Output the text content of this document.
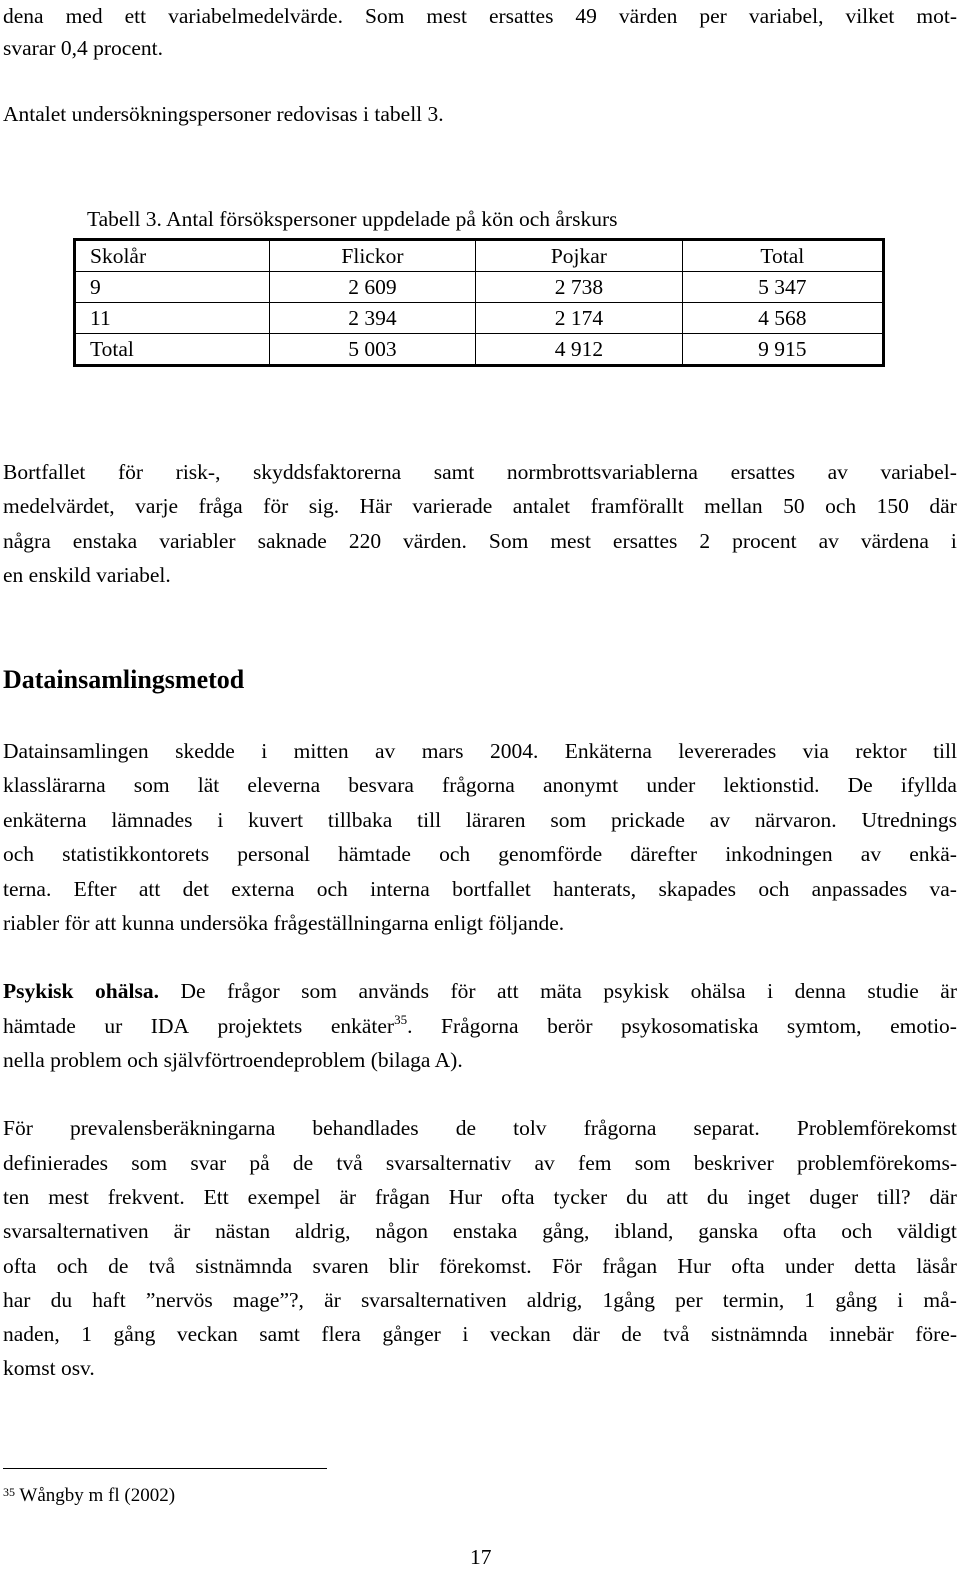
dena med ett variabelmedelvärde. Som mest ersattes 49 värden per variabel, vilket mot-
svarar 0,4 procent.
Antalet undersökningspersoner redovisas i tabell 3.
Tabell 3. Antal försökspersoner uppdelade på kön och årskurs
Skolår	Flickor	Pojkar	Total
9	2 609	2 738	5 347
11	2 394	2 174	4 568
Total	5 003	4 912	9 915
Bortfallet för risk-, skyddsfaktorerna samt normbrottsvariablerna ersattes av variabel-
medelvärdet, varje fråga för sig. Här varierade antalet framförallt mellan 50 och 150 där
några enstaka variabler saknade 220 värden. Som mest ersattes 2 procent av värdena i
en enskild variabel.
Datainsamlingsmetod
Datainsamlingen skedde i mitten av mars 2004. Enkäterna levererades via rektor till
klasslärarna som lät eleverna besvara frågorna anonymt under lektionstid. De ifyllda
enkäterna lämnades i kuvert tillbaka till läraren som prickade av närvaron. Utrednings
och statistikkontorets personal hämtade och genomförde därefter inkodningen av enkä-
terna. Efter att det externa och interna bortfallet hanterats, skapades och anpassades va-
riabler för att kunna undersöka frågeställningarna enligt följande.
Psykisk ohälsa. De frågor som används för att mäta psykisk ohälsa i denna studie är
hämtade ur IDA projektets enkäter$^{35}$. Frågorna berör psykosomatiska symtom, emotio-
nella problem och självförtroendeproblem (bilaga A).
För prevalensberäkningarna behandlades de tolv frågorna separat. Problemförekomst
definierades som svar på de två svarsalternativ av fem som beskriver problemförekoms-
ten mest frekvent. Ett exempel är frågan Hur ofta tycker du att du inget duger till? där
svarsalternativen är nästan aldrig, någon enstaka gång, ibland, ganska ofta och väldigt
ofta och de två sistnämnda svaren blir förekomst. För frågan Hur ofta under detta läsår
har du haft ”nervös mage”?, är svarsalternativen aldrig, 1gång per termin, 1 gång i må-
naden, 1 gång veckan samt flera gånger i veckan där de två sistnämnda innebär före-
komst osv.
$^{35}$ Wångby m fl (2002)
17
